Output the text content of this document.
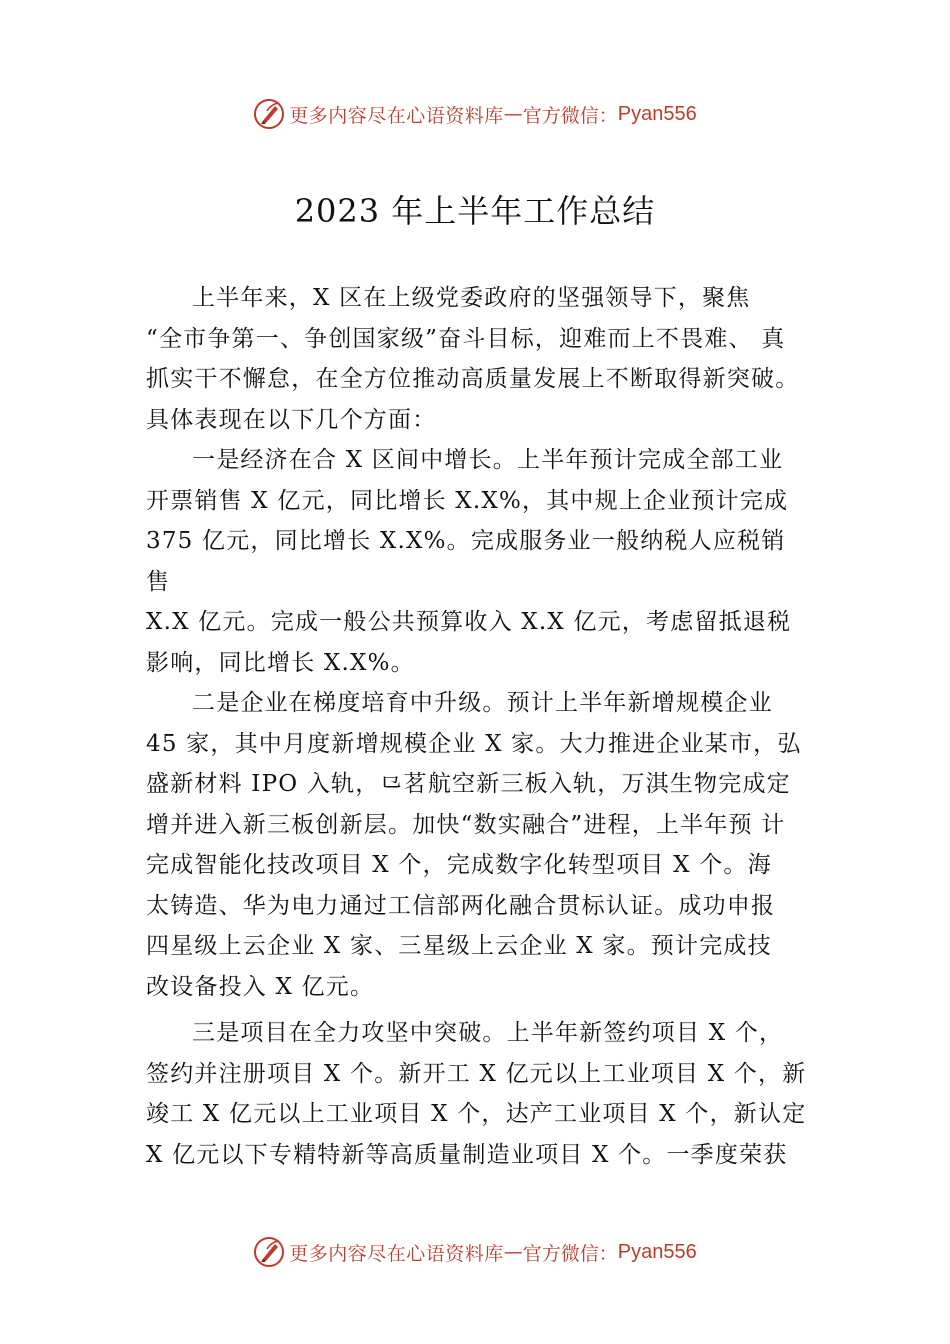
更多内容尽在心语资料库 — 官方微信： Pyan556
2023 年上半年工作总结

上半年来，X 区在上级党委政府的坚强领导下，聚焦
“全市争第一、争创国家级”奋斗目标，迎难而上不畏难、 真
抓实干不懈怠，在全方位推动高质量发展上不断取得新突破。
具体表现在以下几个方面：

一是经济在合 X 区间中增长。上半年预计完成全部工业
开票销售 X 亿元，同比增长 X.X%，其中规上企业预计完成
375 亿元，同比增长 X.X%。完成服务业一般纳税人应税销
售
X.X 亿元。完成一般公共预算收入 X.X 亿元，考虑留抵退税
影响，同比增长 X.X%。

二是企业在梯度培育中升级。预计上半年新增规模企业
45 家，其中月度新增规模企业 X 家。大力推进企业某市，弘
盛新材料 IPO 入轨，⺋茗航空新三板入轨，万淇生物完成定
增并进入新三板创新层。加快“数实融合”进程，上半年预 计
完成智能化技改项目 X 个，完成数字化转型项目 X 个。海
太铸造、华为电力通过工信部两化融合贯标认证。成功申报
四星级上云企业 X 家、三星级上云企业 X 家。预计完成技
改设备投入 X 亿元。

三是项目在全力攻坚中突破。上半年新签约项目 X 个，
签约并注册项目 X 个。新开工 X 亿元以上工业项目 X 个，新
竣工 X 亿元以上工业项目 X 个，达产工业项目 X 个，新认定
X 亿元以下专精特新等高质量制造业项目 X 个。一季度荣获

更多内容尽在心语资料库 — 官方微信： Pyan556
